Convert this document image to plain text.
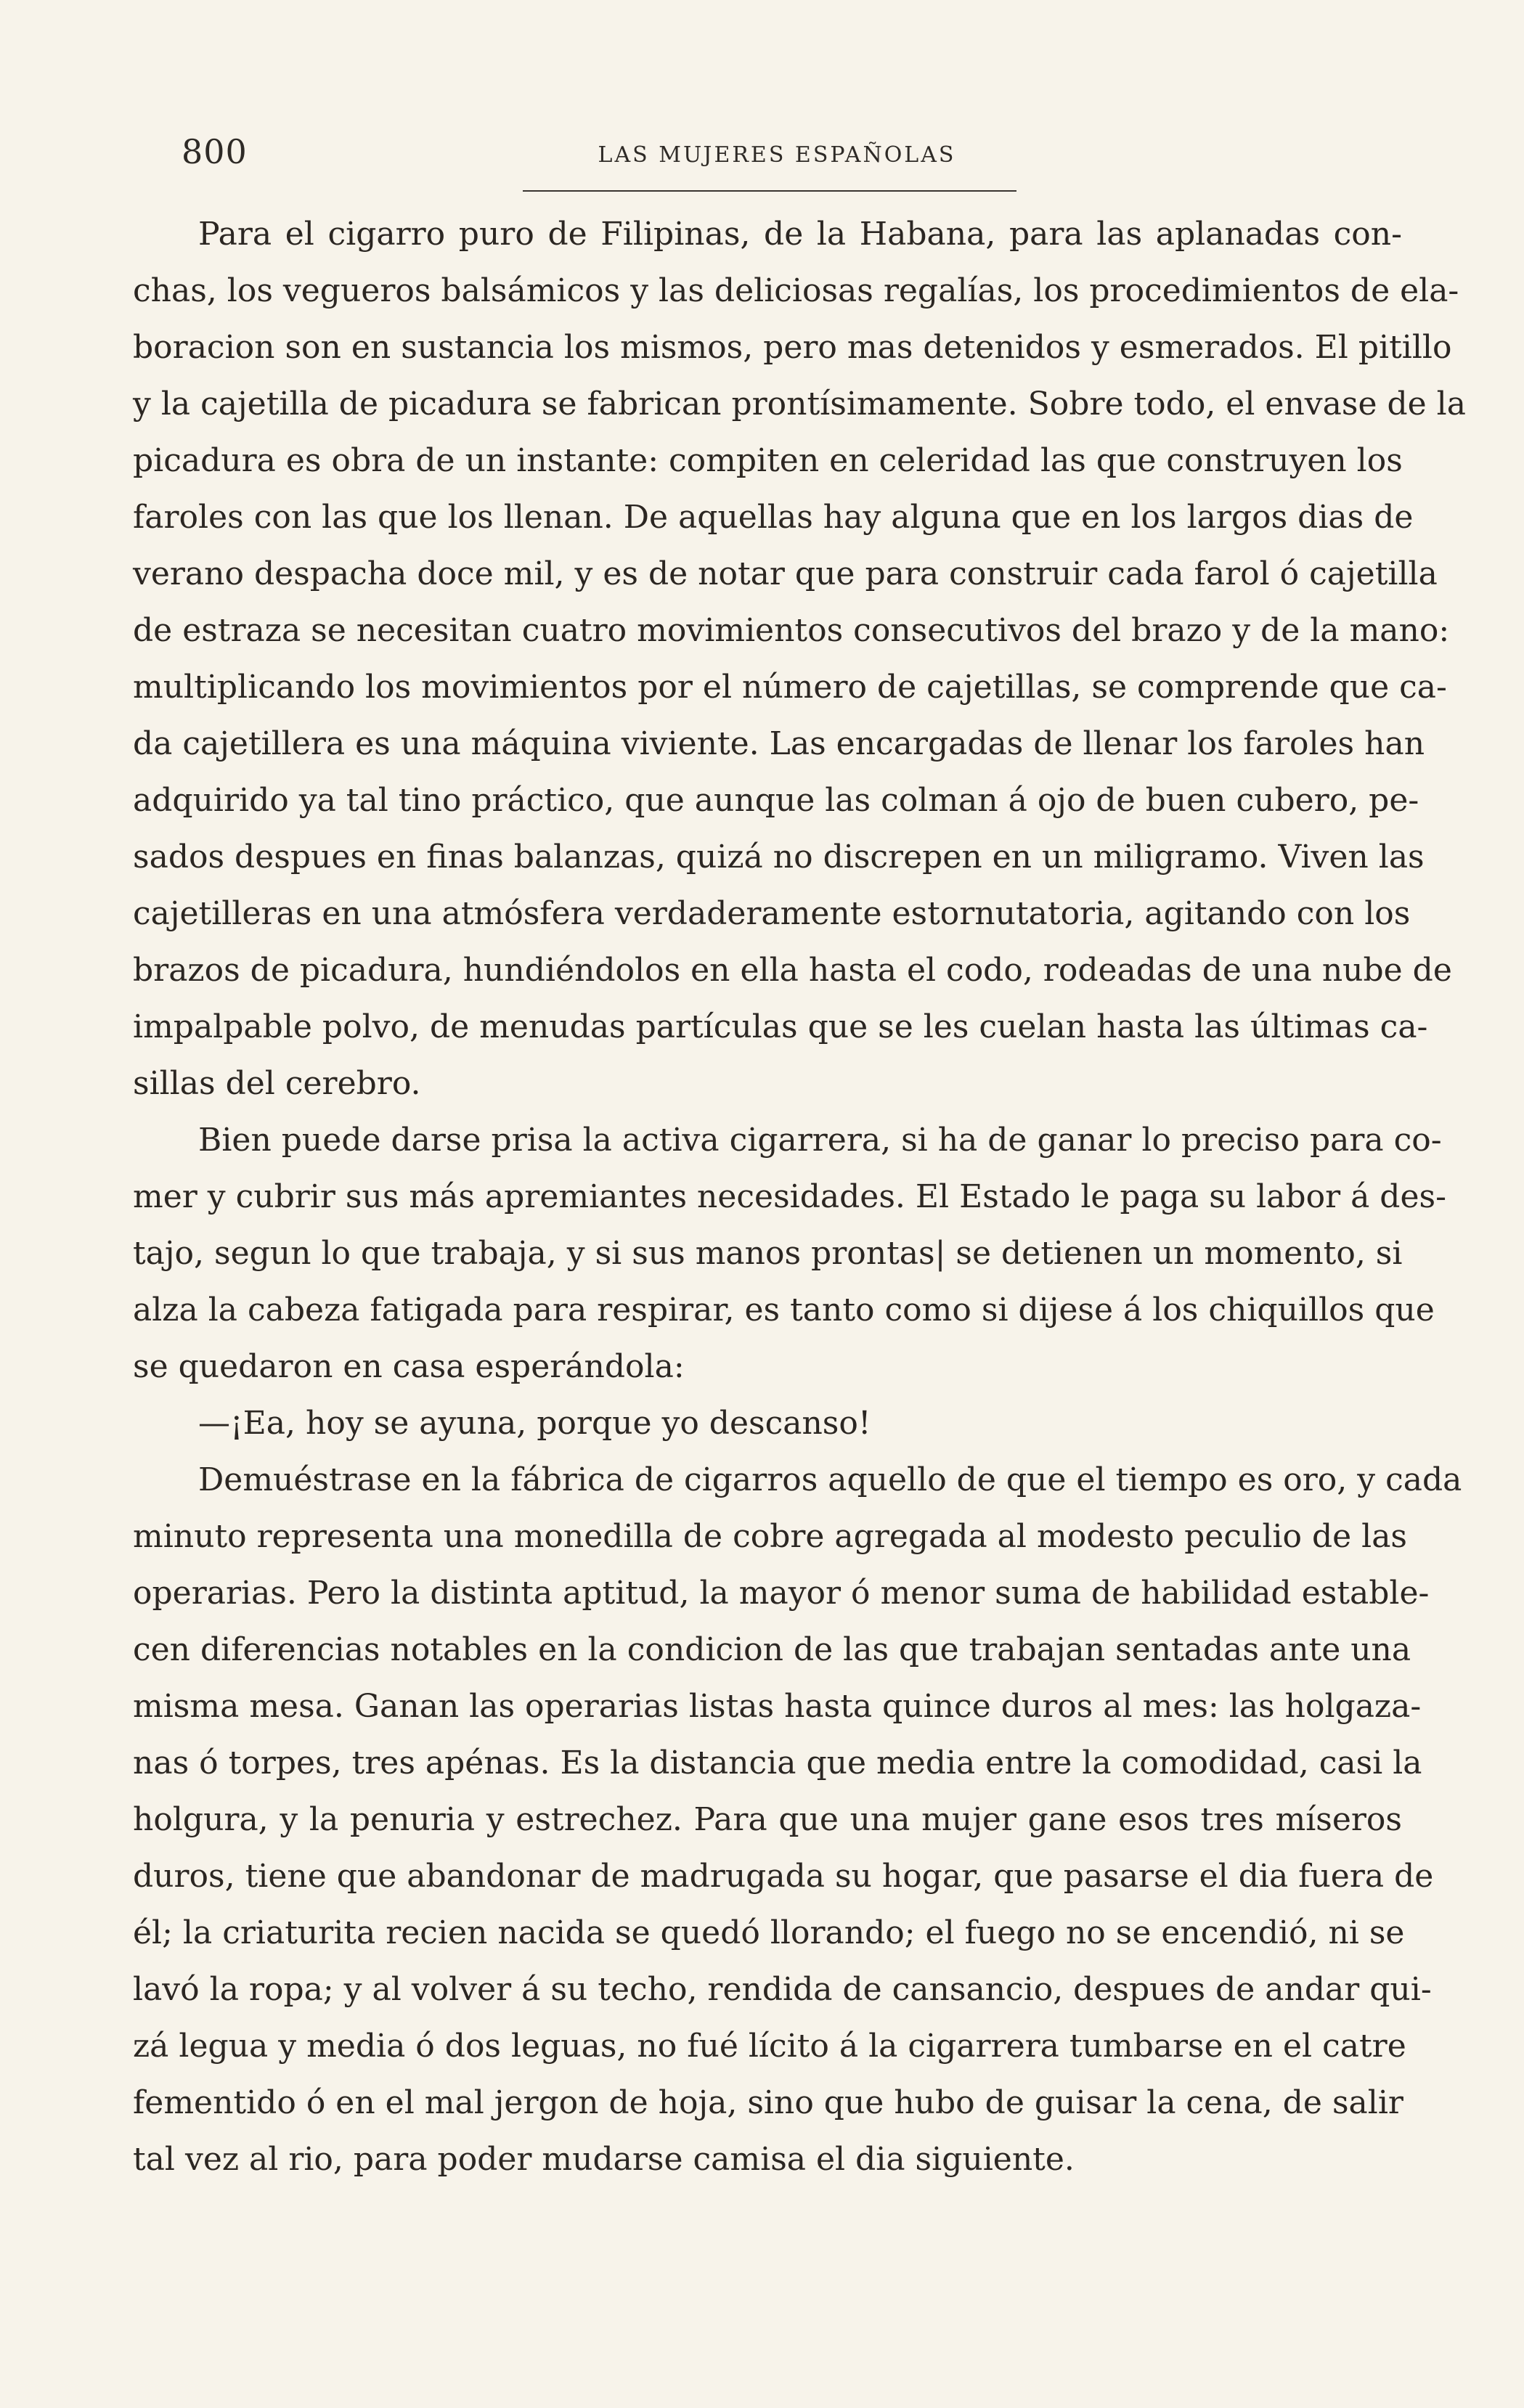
800	LAS MUJERES ESPAÑOLAS
Para el cigarro puro de Filipinas, de la Habana, para las aplanadas con-
chas, los vegueros balsámicos y las deliciosas regalías, los procedimientos de ela-
boracion son en sustancia los mismos, pero mas detenidos y esmerados. El pitillo
y la cajetilla de picadura se fabrican prontísimamente. Sobre todo, el envase de la
picadura es obra de un instante: compiten en celeridad las que construyen los
faroles con las que los llenan. De aquellas hay alguna que en los largos dias de
verano despacha doce mil, y es de notar que para construir cada farol ó cajetilla
de estraza se necesitan cuatro movimientos consecutivos del brazo y de la mano:
multiplicando los movimientos por el número de cajetillas, se comprende que ca-
da cajetillera es una máquina viviente. Las encargadas de llenar los faroles han
adquirido ya tal tino práctico, que aunque las colman á ojo de buen cubero, pe-
sados despues en finas balanzas, quizá no discrepen en un miligramo. Viven las
cajetilleras en una atmósfera verdaderamente estornutatoria, agitando con los
brazos de picadura, hundiéndolos en ella hasta el codo, rodeadas de una nube de
impalpable polvo, de menudas partículas que se les cuelan hasta las últimas ca-
sillas del cerebro.
Bien puede darse prisa la activa cigarrera, si ha de ganar lo preciso para co-
mer y cubrir sus más apremiantes necesidades. El Estado le paga su labor á des-
tajo, segun lo que trabaja, y si sus manos prontas| se detienen un momento, si
alza la cabeza fatigada para respirar, es tanto como si dijese á los chiquillos que
se quedaron en casa esperándola:
—¡Ea, hoy se ayuna, porque yo descanso!
Demuéstrase en la fábrica de cigarros aquello de que el tiempo es oro, y cada
minuto representa una monedilla de cobre agregada al modesto peculio de las
operarias. Pero la distinta aptitud, la mayor ó menor suma de habilidad estable-
cen diferencias notables en la condicion de las que trabajan sentadas ante una
misma mesa. Ganan las operarias listas hasta quince duros al mes: las holgaza-
nas ó torpes, tres apénas. Es la distancia que media entre la comodidad, casi la
holgura, y la penuria y estrechez. Para que una mujer gane esos tres míseros
duros, tiene que abandonar de madrugada su hogar, que pasarse el dia fuera de
él; la criaturita recien nacida se quedó llorando; el fuego no se encendió, ni se
lavó la ropa; y al volver á su techo, rendida de cansancio, despues de andar qui-
zá legua y media ó dos leguas, no fué lícito á la cigarrera tumbarse en el catre
fementido ó en el mal jergon de hoja, sino que hubo de guisar la cena, de salir
tal vez al rio, para poder mudarse camisa el dia siguiente.
